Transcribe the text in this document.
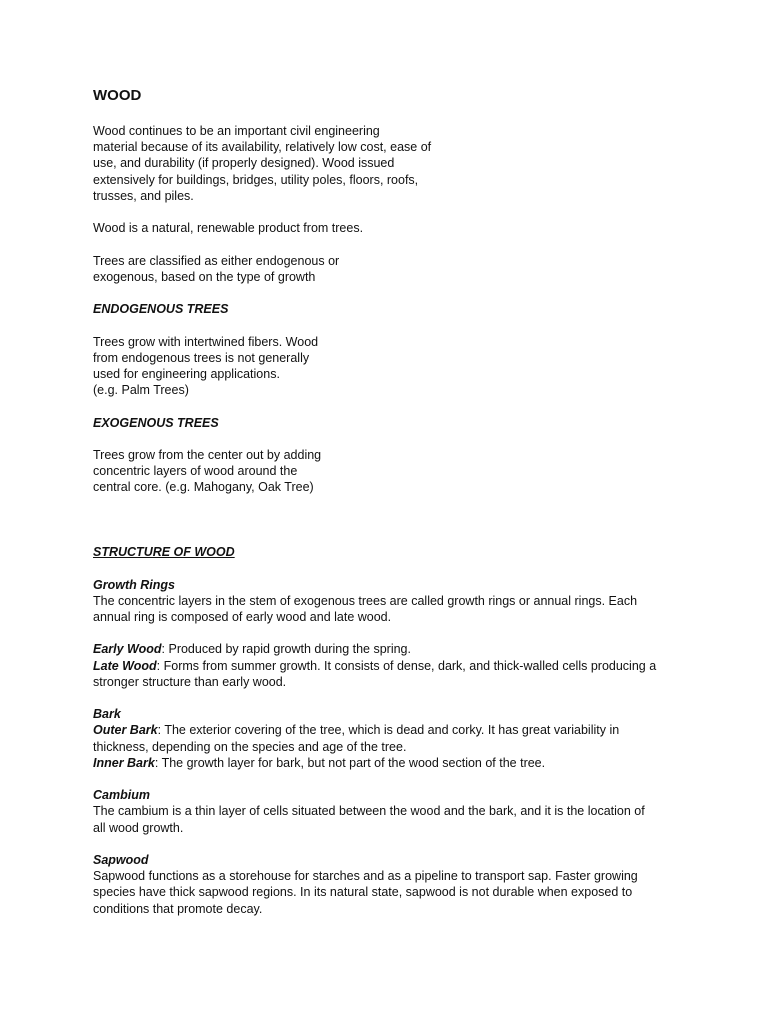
WOOD

Wood continues to be an important civil engineering
material because of its availability, relatively low cost, ease of
use, and durability (if properly designed). Wood issued
extensively for buildings, bridges, utility poles, floors, roofs,
trusses, and piles.

Wood is a natural, renewable product from trees.

Trees are classified as either endogenous or
exogenous, based on the type of growth

ENDOGENOUS TREES

Trees grow with intertwined fibers. Wood
from endogenous trees is not generally
used for engineering applications.
(e.g. Palm Trees)

EXOGENOUS TREES

Trees grow from the center out by adding
concentric layers of wood around the
central core. (e.g. Mahogany, Oak Tree)

STRUCTURE OF WOOD

Growth Rings

The concentric layers in the stem of exogenous trees are called growth rings or annual rings. Each
annual ring is composed of early wood and late wood.

Early Wood: Produced by rapid growth during the spring.

Late Wood: Forms from summer growth. It consists of dense, dark, and thick-walled cells producing a
stronger structure than early wood.

Bark

Outer Bark: The exterior covering of the tree, which is dead and corky. It has great variability in
thickness, depending on the species and age of the tree.

Inner Bark: The growth layer for bark, but not part of the wood section of the tree.

Cambium

The cambium is a thin layer of cells situated between the wood and the bark, and it is the location of
all wood growth.

Sapwood

Sapwood functions as a storehouse for starches and as a pipeline to transport sap. Faster growing
species have thick sapwood regions. In its natural state, sapwood is not durable when exposed to
conditions that promote decay.
